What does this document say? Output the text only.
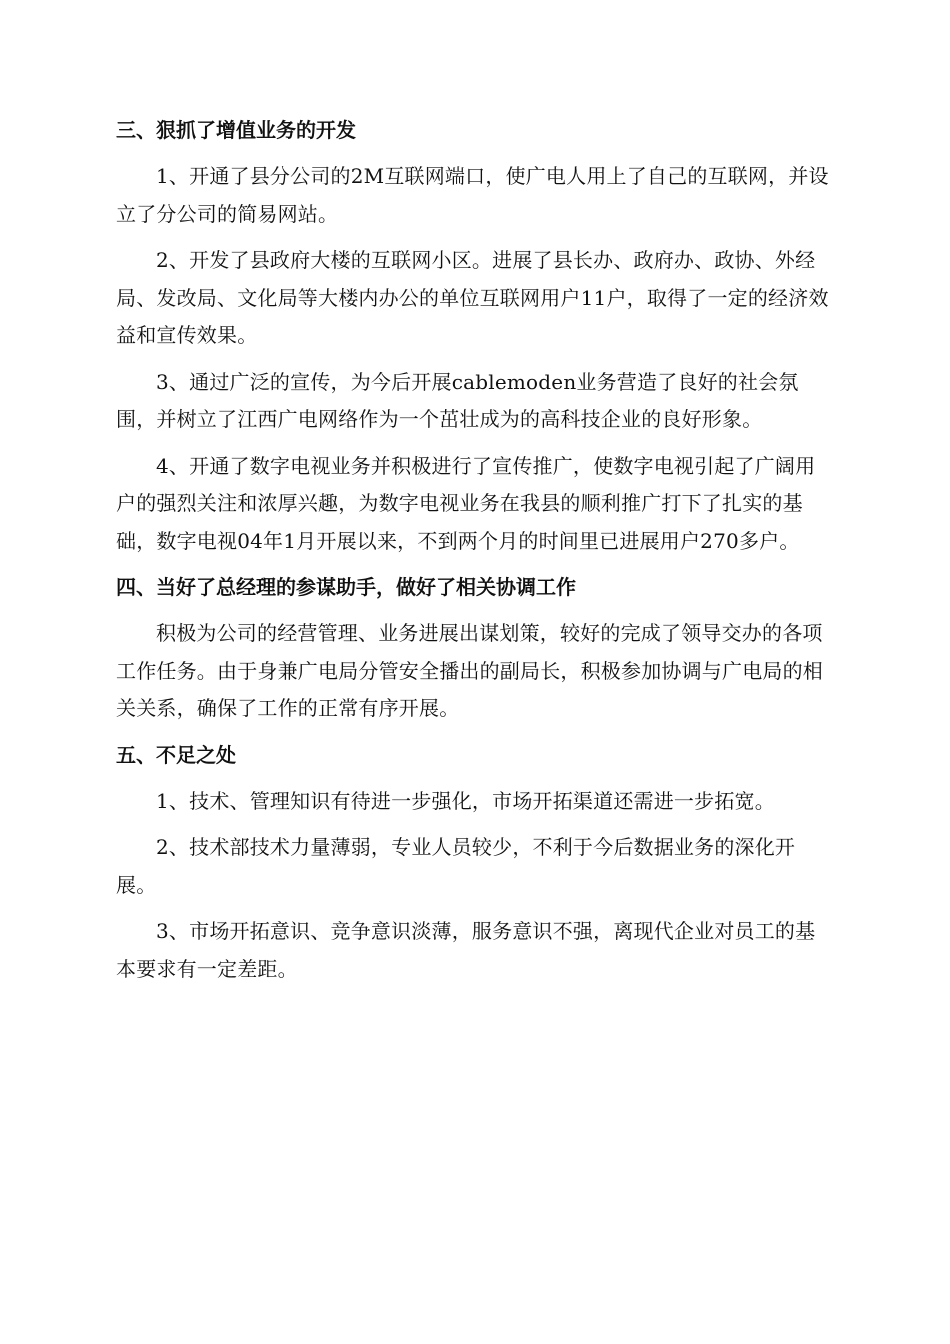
三、狠抓了增值业务的开发

1、开通了县分公司的2M互联网端口，使广电人用上了自己的互联网，并设立了分公司的简易网站。

2、开发了县政府大楼的互联网小区。进展了县长办、政府办、政协、外经局、发改局、文化局等大楼内办公的单位互联网用户11户，取得了一定的经济效益和宣传效果。

3、通过广泛的宣传，为今后开展cablemoden业务营造了良好的社会氛围，并树立了江西广电网络作为一个茁壮成为的高科技企业的良好形象。

4、开通了数字电视业务并积极进行了宣传推广，使数字电视引起了广阔用户的强烈关注和浓厚兴趣，为数字电视业务在我县的顺利推广打下了扎实的基础，数字电视04年1月开展以来，不到两个月的时间里已进展用户270多户。

四、当好了总经理的参谋助手，做好了相关协调工作

积极为公司的经营管理、业务进展出谋划策，较好的完成了领导交办的各项工作任务。由于身兼广电局分管安全播出的副局长，积极参加协调与广电局的相关关系，确保了工作的正常有序开展。

五、不足之处

1、技术、管理知识有待进一步强化，市场开拓渠道还需进一步拓宽。

2、技术部技术力量薄弱，专业人员较少，不利于今后数据业务的深化开展。

3、市场开拓意识、竞争意识淡薄，服务意识不强，离现代企业对员工的基本要求有一定差距。
